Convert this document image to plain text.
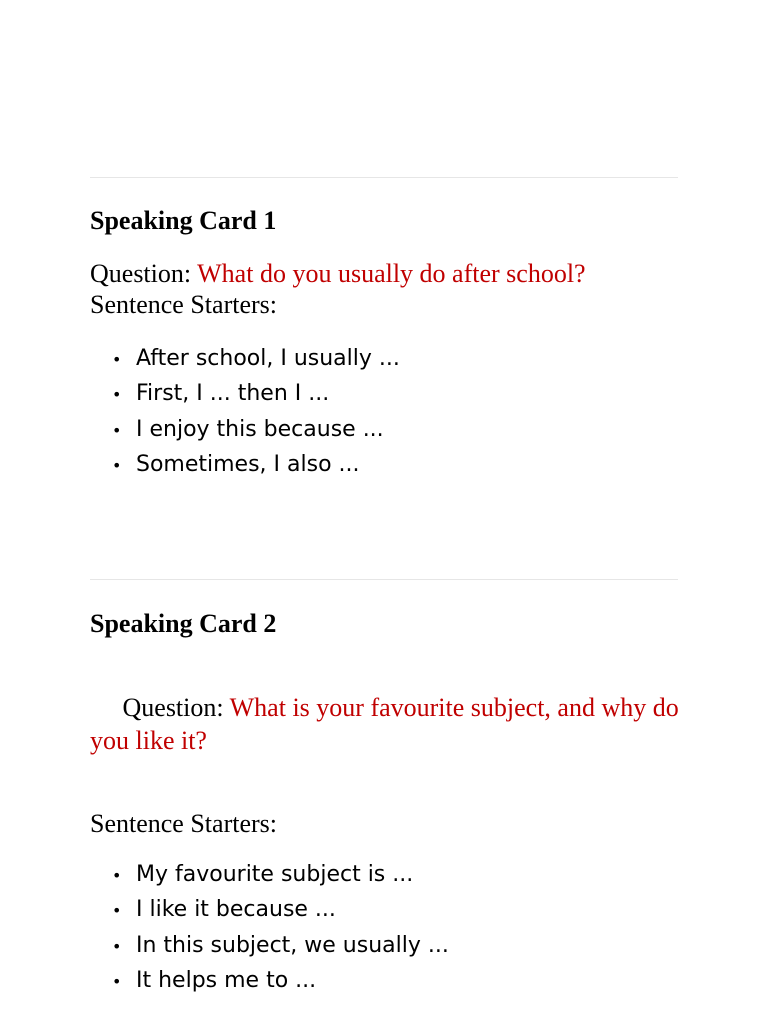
Speaking Card 1

Question: What do you usually do after school?

Sentence Starters:

• After school, I usually ...
• First, I ... then I ...
• I enjoy this because ...
• Sometimes, I also ...
Speaking Card 2

Question: What is your favourite subject, and why do you like it?

Sentence Starters:

• My favourite subject is ...
• I like it because ...
• In this subject, we usually ...
• It helps me to ...
